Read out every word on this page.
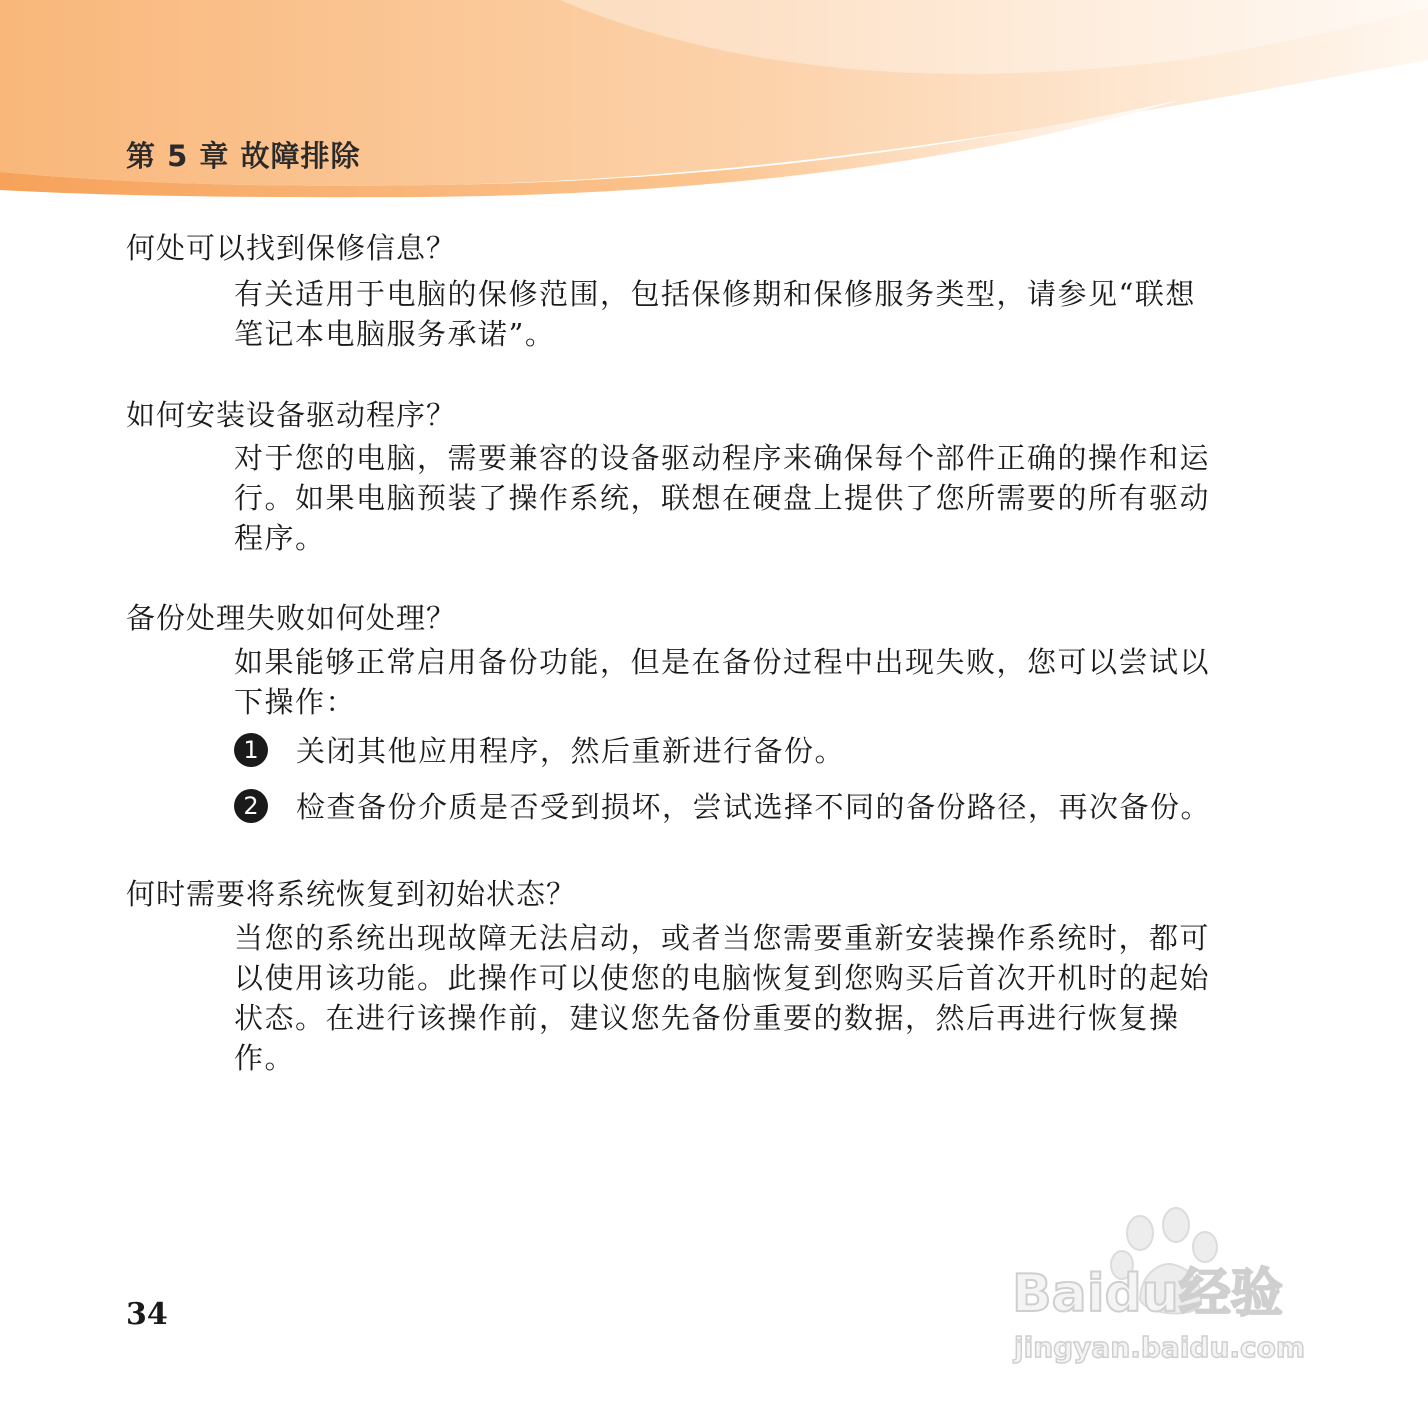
第 5 章 故障排除
何处可以找到保修信息？

有关适用于电脑的保修范围，包括保修期和保修服务类型，请参见“联想
笔记本电脑服务承诺”。

如何安装设备驱动程序？

对于您的电脑，需要兼容的设备驱动程序来确保每个部件正确的操作和运
行。如果电脑预装了操作系统，联想在硬盘上提供了您所需要的所有驱动
程序。

备份处理失败如何处理？

如果能够正常启用备份功能，但是在备份过程中出现失败，您可以尝试以
下操作：

1	关闭其他应用程序，然后重新进行备份。
2	检查备份介质是否受到损坏，尝试选择不同的备份路径，再次备份。
何时需要将系统恢复到初始状态？

当您的系统出现故障无法启动，或者当您需要重新安装操作系统时，都可
以使用该功能。此操作可以使您的电脑恢复到您购买后首次开机时的起始
状态。在进行该操作前，建议您先备份重要的数据，然后再进行恢复操
作。

34	Baidu经验
jingyan.baidu.com
